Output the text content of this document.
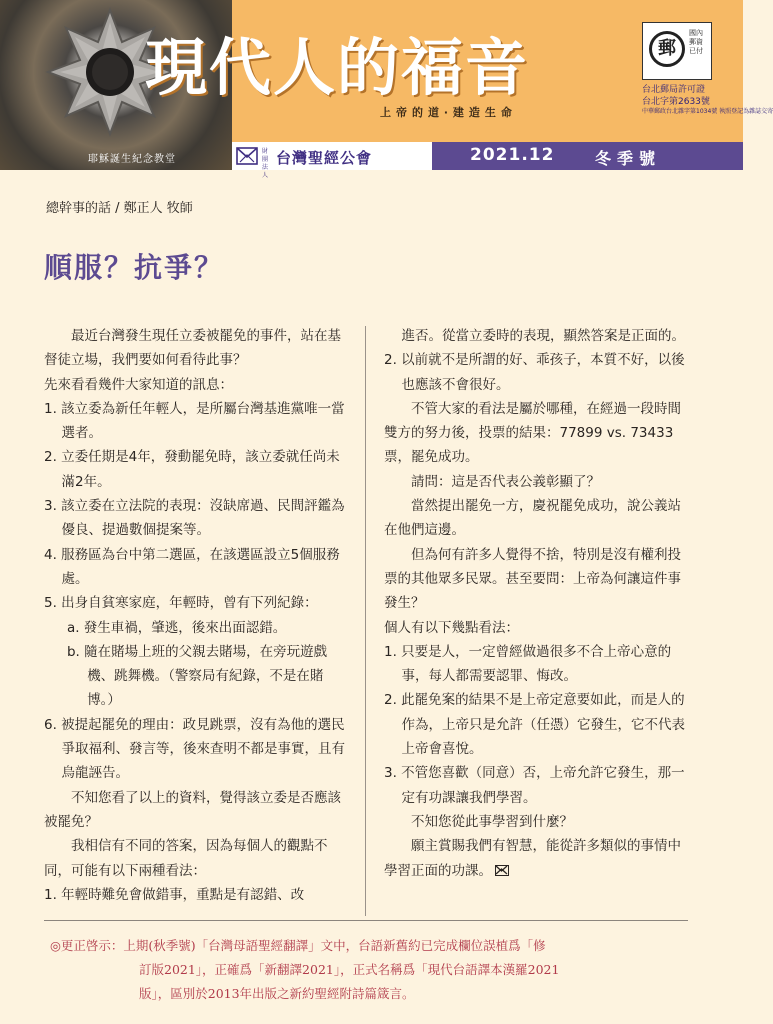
耶穌誕生紀念教堂
現代人的福音
上帝的道‧建造生命
郵
國內郵資已付
台北郵局許可證
台北字第2633號
中華郵政台北雜字第1034號 執照登記為雜誌交寄
財團法人
台灣聖經公會	2021.12	冬季號
總幹事的話 / 鄭正人 牧師
順服？抗爭？
最近台灣發生現任立委被罷免的事件，站在基督徒立場，我們要如何看待此事？
先來看看幾件大家知道的訊息：
1. 該立委為新任年輕人，是所屬台灣基進黨唯一當選者。
2. 立委任期是4年，發動罷免時，該立委就任尚未滿2年。
3. 該立委在立法院的表現：沒缺席過、民間評鑑為優良、提過數個提案等。
4. 服務區為台中第二選區，在該選區設立5個服務處。
5. 出身自貧寒家庭，年輕時，曾有下列紀錄：
a. 發生車禍，肇逃，後來出面認錯。
b. 隨在賭場上班的父親去賭場，在旁玩遊戲機、跳舞機。（警察局有紀錄，不是在賭博。）
6. 被提起罷免的理由：政見跳票，沒有為他的選民爭取福利、發言等，後來查明不都是事實，且有烏龍誣告。
不知您看了以上的資料，覺得該立委是否應該被罷免？
我相信有不同的答案，因為每個人的觀點不同，可能有以下兩種看法：
1. 年輕時難免會做錯事，重點是有認錯、改
進否。從當立委時的表現，顯然答案是正面的。
2. 以前就不是所謂的好、乖孩子，本質不好，以後也應該不會很好。
不管大家的看法是屬於哪種，在經過一段時間雙方的努力後，投票的結果：77899 vs. 73433票，罷免成功。
請問：這是否代表公義彰顯了？
當然提出罷免一方，慶祝罷免成功，說公義站在他們這邊。
但為何有許多人覺得不捨，特別是沒有權利投票的其他眾多民眾。甚至要問：上帝為何讓這件事發生？
個人有以下幾點看法：
1. 只要是人，一定曾經做過很多不合上帝心意的事，每人都需要認罪、悔改。
2. 此罷免案的結果不是上帝定意要如此，而是人的作為，上帝只是允許（任憑）它發生，它不代表上帝會喜悅。
3. 不管您喜歡（同意）否，上帝允許它發生，那一定有功課讓我們學習。
不知您從此事學習到什麼？
願主賞賜我們有智慧，能從許多類似的事情中學習正面的功課。
◎更正啓示：上期(秋季號)「台灣母語聖經翻譯」文中，台語新舊約已完成欄位誤植爲「修
訂版2021」，正確爲「新翻譯2021」，正式名稱爲「現代台語譯本漢羅2021
版」，區別於2013年出版之新約聖經附詩篇箴言。
